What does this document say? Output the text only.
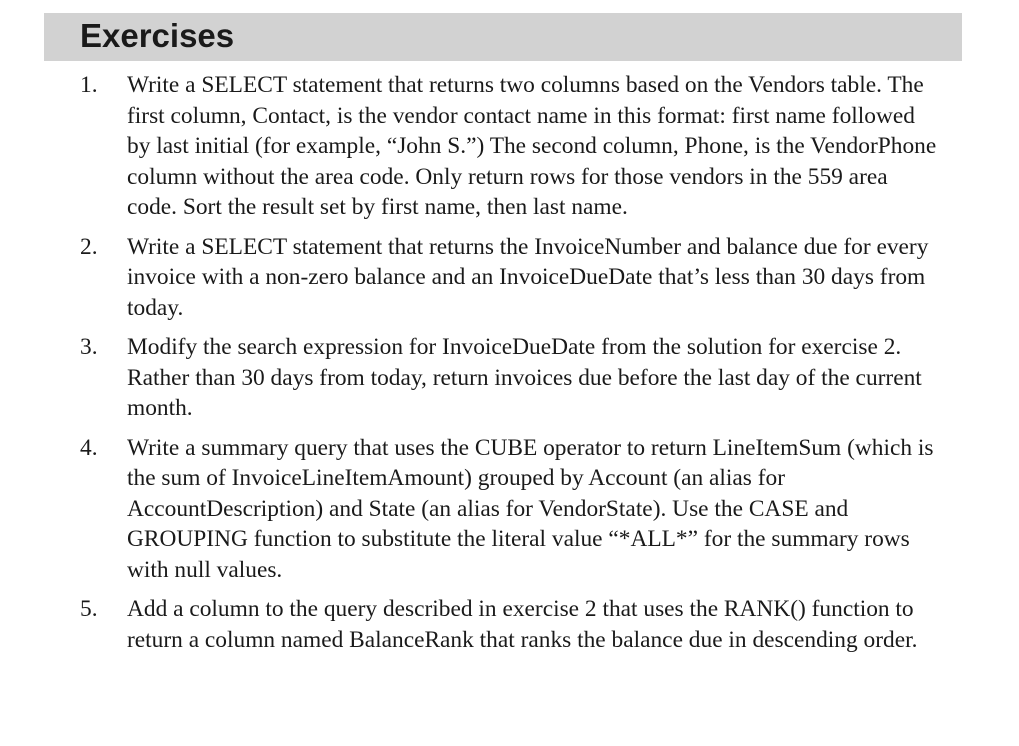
Exercises
1.	Write a SELECT statement that returns two columns based on the Vendors table. The first column, Contact, is the vendor contact name in this format: first name followed by last initial (for example, “John S.”) The second column, Phone, is the VendorPhone column without the area code. Only return rows for those vendors in the 559 area code. Sort the result set by first name, then last name.
2.	Write a SELECT statement that returns the InvoiceNumber and balance due for every invoice with a non-zero balance and an InvoiceDueDate that’s less than 30 days from today.
3.	Modify the search expression for InvoiceDueDate from the solution for exercise 2. Rather than 30 days from today, return invoices due before the last day of the current month.
4.	Write a summary query that uses the CUBE operator to return LineItemSum (which is the sum of InvoiceLineItemAmount) grouped by Account (an alias for AccountDescription) and State (an alias for VendorState). Use the CASE and GROUPING function to substitute the literal value “*ALL*” for the summary rows with null values.
5.	Add a column to the query described in exercise 2 that uses the RANK() function to return a column named BalanceRank that ranks the balance due in descending order.
